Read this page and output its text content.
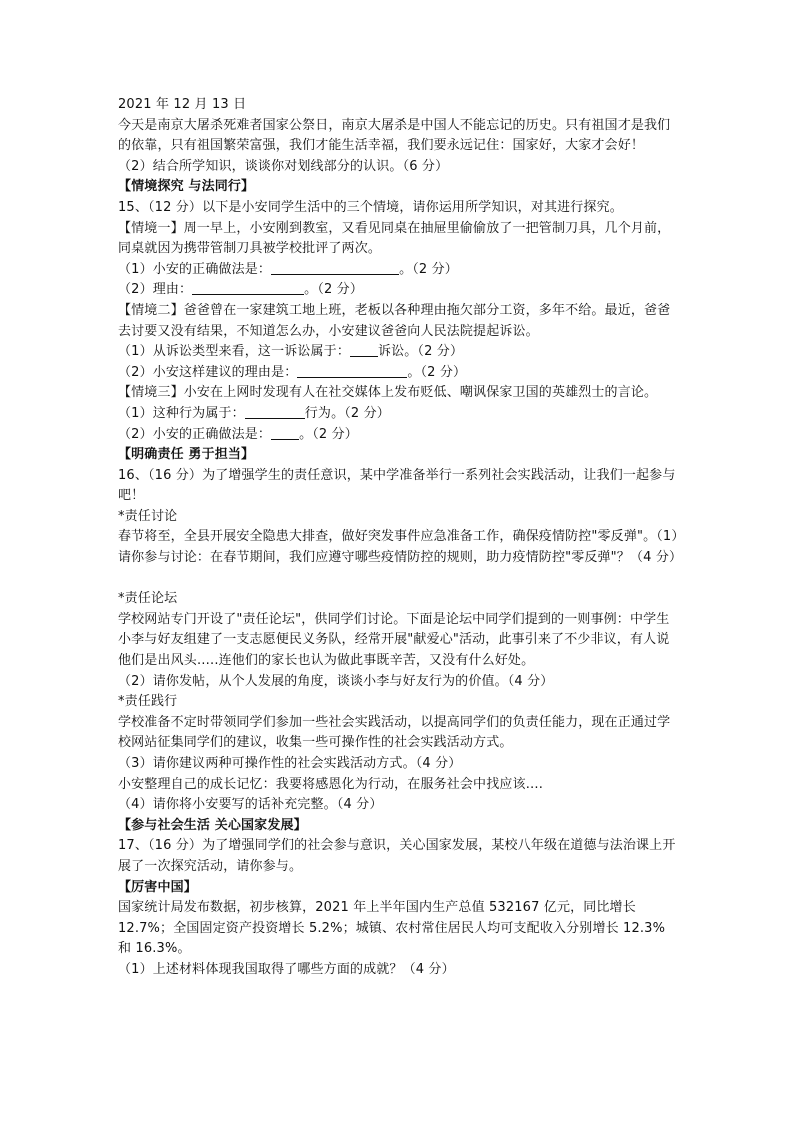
2021 年 12 月 13 日

今天是南京大屠杀死难者国家公祭日，南京大屠杀是中国人不能忘记的历史。只有祖国才是我们的依靠，只有祖国繁荣富强，我们才能生活幸福，我们要永远记住：国家好，大家才会好！

（2）结合所学知识，谈谈你对划线部分的认识。（6 分）

【情境探究 与法同行】

15、（12 分）以下是小安同学生活中的三个情境，请你运用所学知识，对其进行探究。

【情境一】周一早上，小安刚到教室，又看见同桌在抽屉里偷偷放了一把管制刀具，几个月前，同桌就因为携带管制刀具被学校批评了两次。

（1）小安的正确做法是：	。（2 分）

（2）理由：	。（2 分）

【情境二】爸爸曾在一家建筑工地上班，老板以各种理由拖欠部分工资，多年不给。最近，爸爸去讨要又没有结果，不知道怎么办，小安建议爸爸向人民法院提起诉讼。

（1）从诉讼类型来看，这一诉讼属于： 诉讼。（2 分）

（2）小安这样建议的理由是：	。（2 分）

【情境三】小安在上网时发现有人在社交媒体上发布贬低、嘲讽保家卫国的英雄烈士的言论。

（1）这种行为属于：	行为。（2 分）

（2）小安的正确做法是： 。（2 分）

【明确责任 勇于担当】

16、（16 分）为了增强学生的责任意识，某中学准备举行一系列社会实践活动，让我们一起参与吧！

*责任讨论

春节将至，全县开展安全隐患大排查，做好突发事件应急准备工作，确保疫情防控"零反弹"。（1）请你参与讨论：在春节期间，我们应遵守哪些疫情防控的规则，助力疫情防控"零反弹"？（4 分）

*责任论坛

学校网站专门开设了"责任论坛"，供同学们讨论。下面是论坛中同学们提到的一则事例：中学生小李与好友组建了一支志愿便民义务队，经常开展"献爱心"活动，此事引来了不少非议，有人说他们是出风头…..连他们的家长也认为做此事既辛苦，又没有什么好处。

（2）请你发帖，从个人发展的角度，谈谈小李与好友行为的价值。（4 分）

*责任践行

学校准备不定时带领同学们参加一些社会实践活动，以提高同学们的负责任能力，现在正通过学校网站征集同学们的建议，收集一些可操作性的社会实践活动方式。

（3）请你建议两种可操作性的社会实践活动方式。（4 分）

小安整理自己的成长记忆：我要将感恩化为行动，在服务社会中找应该….

（4）请你将小安要写的话补充完整。（4 分）

【参与社会生活 关心国家发展】

17、（16 分）为了增强同学们的社会参与意识，关心国家发展，某校八年级在道德与法治课上开展了一次探究活动，请你参与。

【厉害中国】

国家统计局发布数据，初步核算，2021 年上半年国内生产总值 532167 亿元，同比增长 12.7%；全国固定资产投资增长 5.2%；城镇、农村常住居民人均可支配收入分别增长 12.3%和 16.3%。

（1）上述材料体现我国取得了哪些方面的成就？（4 分）
